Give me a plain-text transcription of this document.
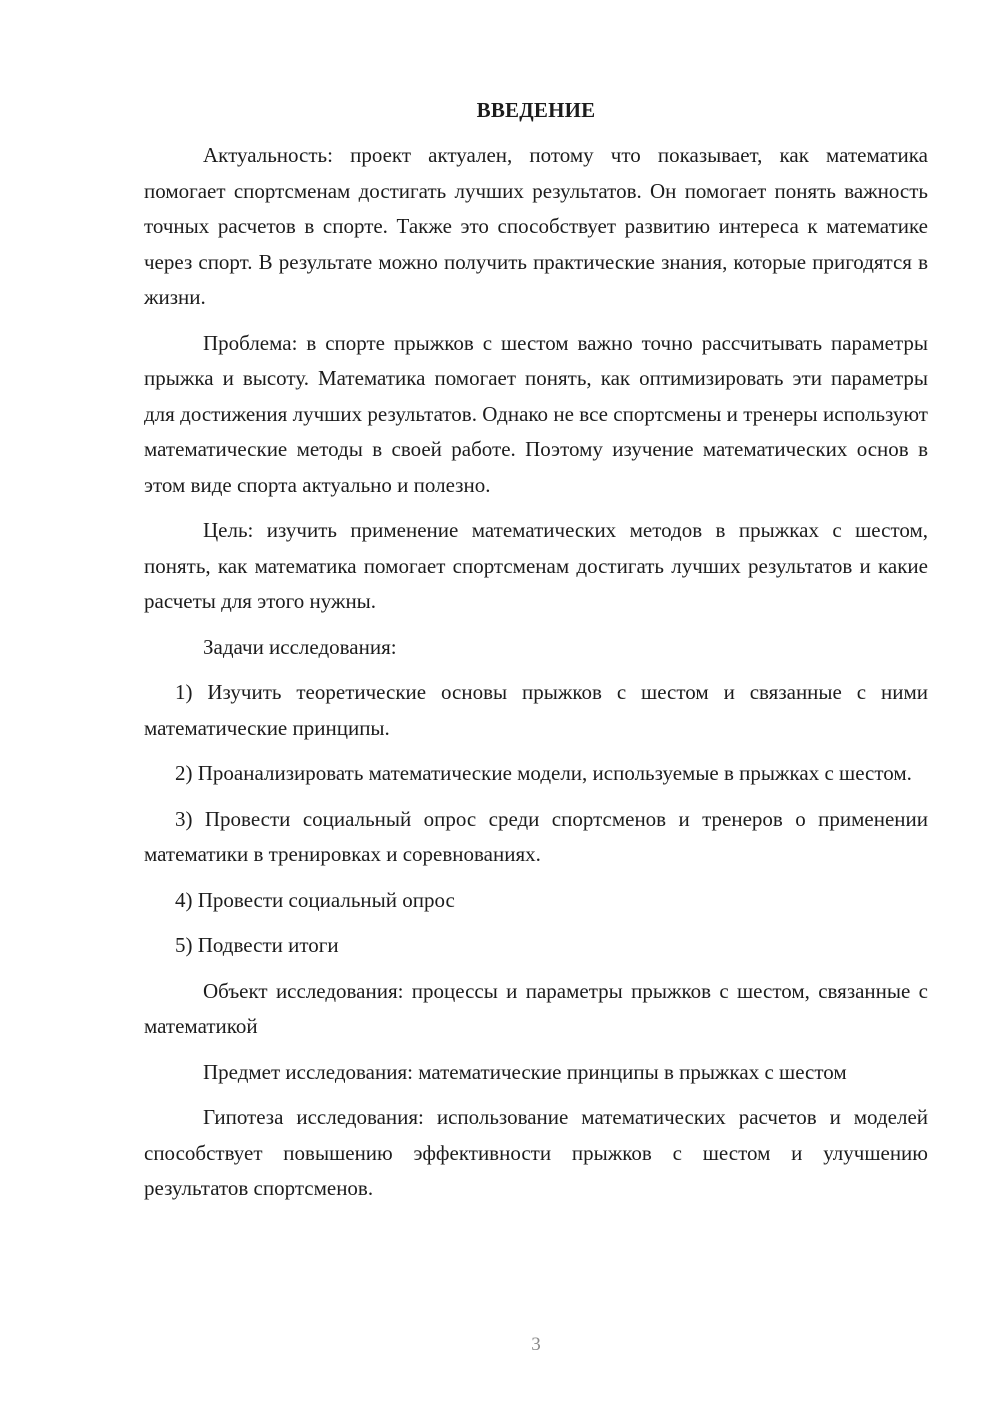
ВВЕДЕНИЕ

Актуальность: проект актуален, потому что показывает, как математика помогает спортсменам достигать лучших результатов. Он помогает понять важность точных расчетов в спорте. Также это способствует развитию интереса к математике через спорт. В результате можно получить практические знания, которые пригодятся в жизни.

Проблема: в спорте прыжков с шестом важно точно рассчитывать параметры прыжка и высоту. Математика помогает понять, как оптимизировать эти параметры для достижения лучших результатов. Однако не все спортсмены и тренеры используют математические методы в своей работе. Поэтому изучение математических основ в этом виде спорта актуально и полезно.

Цель: изучить применение математических методов в прыжках с шестом, понять, как математика помогает спортсменам достигать лучших результатов и какие расчеты для этого нужны.

Задачи исследования:

1) Изучить теоретические основы прыжков с шестом и связанные с ними математические принципы.

2) Проанализировать математические модели, используемые в прыжках с шестом.

3) Провести социальный опрос среди спортсменов и тренеров о применении математики в тренировках и соревнованиях.

4) Провести социальный опрос

5) Подвести итоги

Объект исследования: процессы и параметры прыжков с шестом, связанные с математикой

Предмет исследования: математические принципы в прыжках с шестом

Гипотеза исследования: использование математических расчетов и моделей способствует повышению эффективности прыжков с шестом и улучшению результатов спортсменов.

3
